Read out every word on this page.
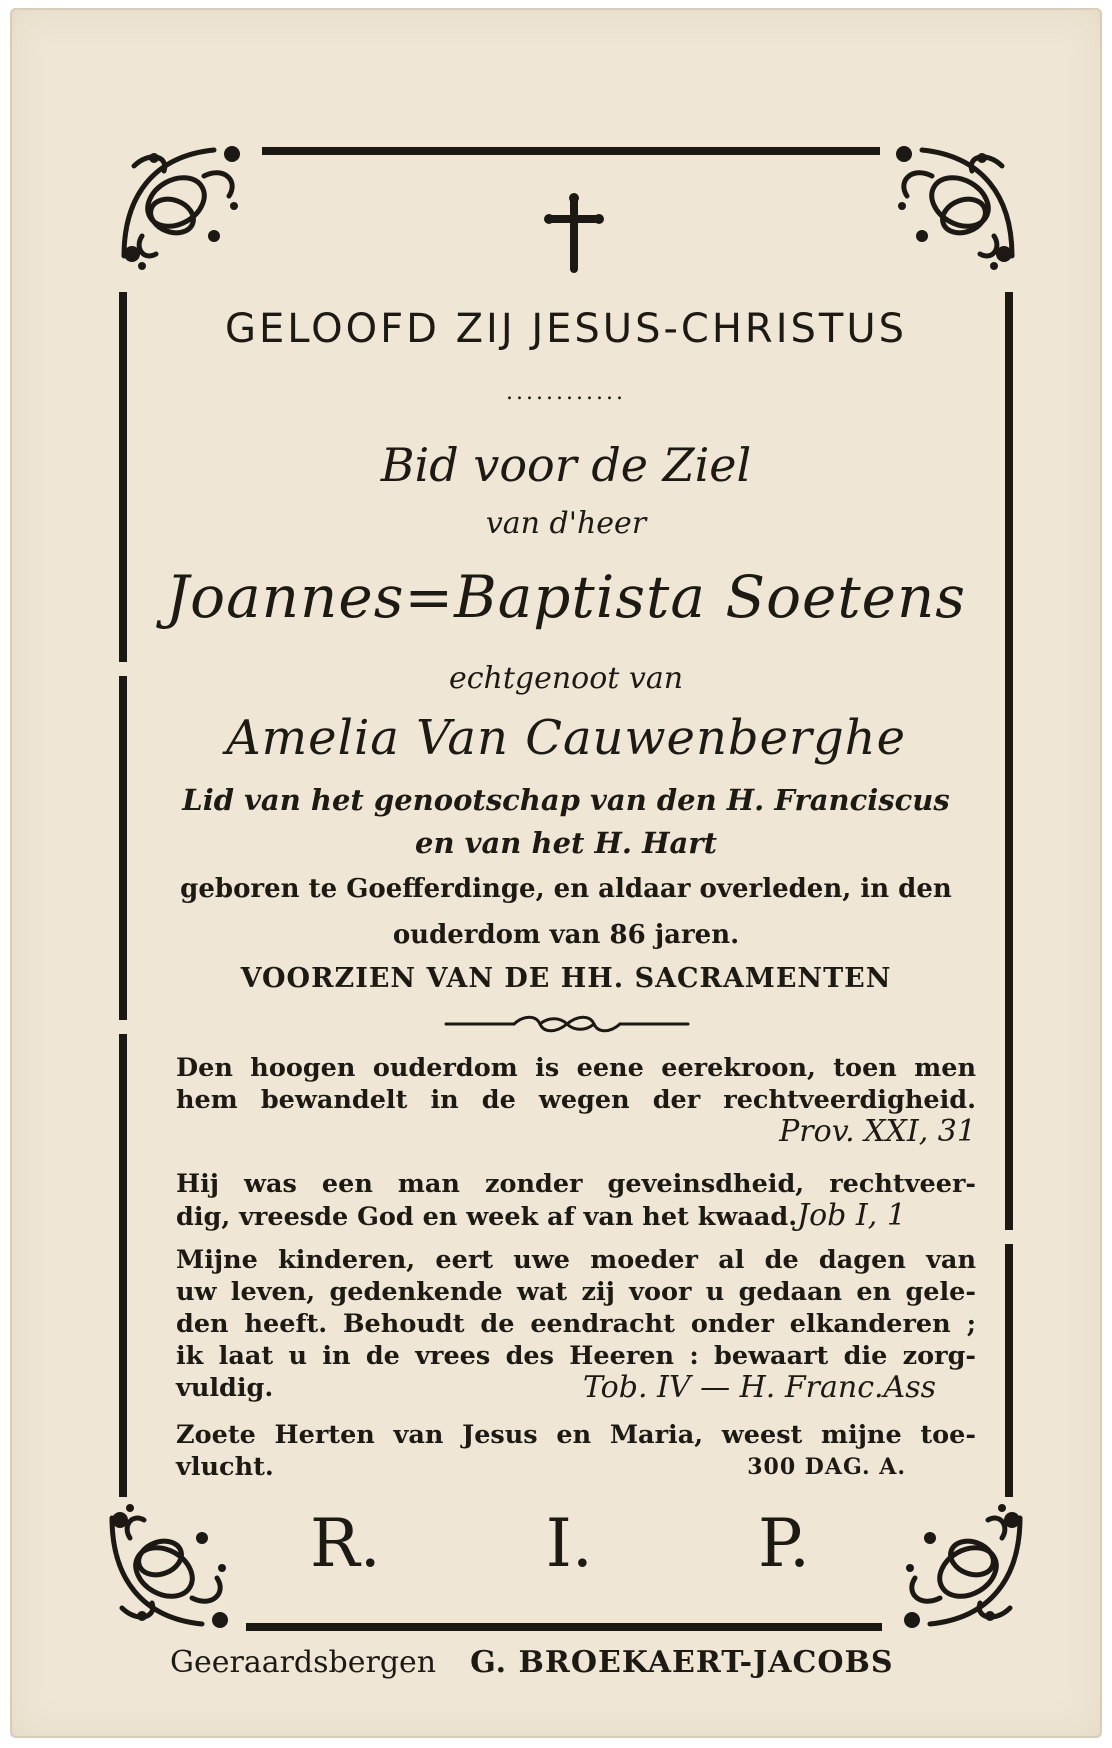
GELOOFD ZIJ JESUS-CHRISTUS
............
Bid voor de Ziel
van d'heer
Joannes=Baptista Soetens
echtgenoot van
Amelia Van Cauwenberghe
Lid van het genootschap van den H. Franciscus
en van het H. Hart
geboren te Goefferdinge, en aldaar overleden, in den
ouderdom van 86 jaren.
VOORZIEN VAN DE HH. SACRAMENTEN

Den hoogen ouderdom is eene eerekroon, toen men

hem bewandelt in de wegen der rechtveerdigheid.

Prov. XXI, 31

Hij was een man zonder geveinsdheid, rechtveer-

dig, vreesde God en week af van het kwaad.Job I, 1

Mijne kinderen, eert uwe moeder al de dagen van

uw leven, gedenkende wat zij voor u gedaan en gele-

den heeft. Behoudt de eendracht onder elkanderen ;

ik laat u in de vrees des Heeren : bewaart die zorg-

vuldig.	Tob. IV — H. Franc.Ass

Zoete Herten van Jesus en Maria, weest mijne toe-

vlucht.	300 DAG. A.

R.	I.	P.
Geeraardsbergen G. BROEKAERT-JACOBS
